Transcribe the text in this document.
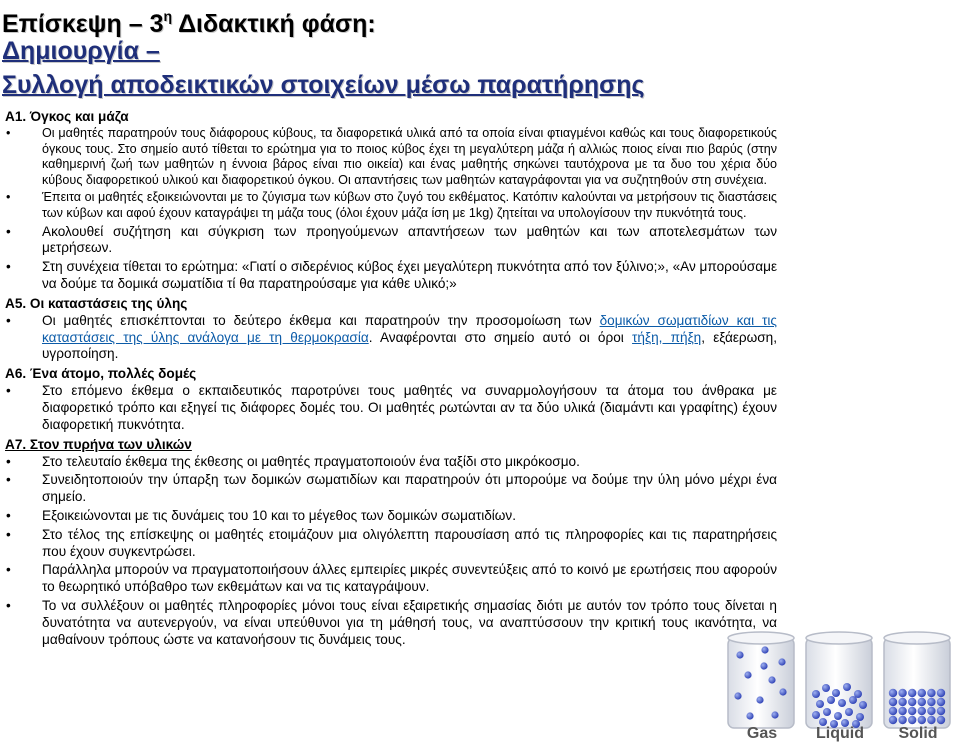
Επίσκεψη – $3^\eta$ Διδακτική φάση:
Δημιουργία –
Συλλογή αποδεικτικών στοιχείων μέσω παρατήρησης

A1. Όγκος και μάζα

•	Οι μαθητές παρατηρούν τους διάφορους κύβους, τα διαφορετικά υλικά από τα οποία είναι φτιαγμένοι καθώς και τους διαφορετικούς όγκους τους. Στο σημείο αυτό τίθεται το ερώτημα για το ποιος κύβος έχει τη μεγαλύτερη μάζα ή αλλιώς ποιος είναι πιο βαρύς (στην καθημερινή ζωή των μαθητών η έννοια βάρος είναι πιο οικεία) και ένας μαθητής σηκώνει ταυτόχρονα με τα δυο του χέρια δύο κύβους διαφορετικού υλικού και διαφορετικού όγκου. Οι απαντήσεις των μαθητών καταγράφονται για να συζητηθούν στη συνέχεια.
•	Έπειτα οι μαθητές εξοικειώνονται με το ζύγισμα των κύβων στο ζυγό του εκθέματος. Κατόπιν καλούνται να μετρήσουν τις διαστάσεις των κύβων και αφού έχουν καταγράψει τη μάζα τους (όλοι έχουν μάζα ίση με 1kg) ζητείται να υπολογίσουν την πυκνότητά τους.
• Ακολουθεί συζήτηση και σύγκριση των προηγούμενων απαντήσεων των μαθητών και των αποτελεσμάτων των μετρήσεων.
• Στη συνέχεια τίθεται το ερώτημα: «Γιατί ο σιδερένιος κύβος έχει μεγαλύτερη πυκνότητα από τον ξύλινο;», «Αν μπορούσαμε να δούμε τα δομικά σωματίδια τί θα παρατηρούσαμε για κάθε υλικό;»

A5. Οι καταστάσεις της ύλης

• Οι μαθητές επισκέπτονται το δεύτερο έκθεμα και παρατηρούν την προσομοίωση των δομικών σωματιδίων και τις καταστάσεις της ύλης ανάλογα με τη θερμοκρασία. Αναφέρονται στο σημείο αυτό οι όροι τήξη, πήξη, εξάερωση, υγροποίηση.

A6. Ένα άτομο, πολλές δομές

• Στο επόμενο έκθεμα ο εκπαιδευτικός παροτρύνει τους μαθητές να συναρμολογήσουν τα άτομα του άνθρακα με διαφορετικό τρόπο και εξηγεί τις διάφορες δομές του. Οι μαθητές ρωτώνται αν τα δύο υλικά (διαμάντι και γραφίτης) έχουν διαφορετική πυκνότητα.

A7. Στον πυρήνα των υλικών

• Στο τελευταίο έκθεμα της έκθεσης οι μαθητές πραγματοποιούν ένα ταξίδι στο μικρόκοσμο.
• Συνειδητοποιούν την ύπαρξη των δομικών σωματιδίων και παρατηρούν ότι μπορούμε να δούμε την ύλη μόνο μέχρι ένα σημείο.
• Εξοικειώνονται με τις δυνάμεις του 10 και το μέγεθος των δομικών σωματιδίων.
• Στο τέλος της επίσκεψης οι μαθητές ετοιμάζουν μια ολιγόλεπτη παρουσίαση από τις πληροφορίες και τις παρατηρήσεις που έχουν συγκεντρώσει.
• Παράλληλα μπορούν να πραγματοποιήσουν άλλες εμπειρίες μικρές συνεντεύξεις από το κοινό με ερωτήσεις που αφορούν το θεωρητικό υπόβαθρο των εκθεμάτων και να τις καταγράψουν.
• Το να συλλέξουν οι μαθητές πληροφορίες μόνοι τους είναι εξαιρετικής σημασίας διότι με αυτόν τον τρόπο τους δίνεται η δυνατότητα να αυτενεργούν, να είναι υπεύθυνοι για τη μάθησή τους, να αναπτύσσουν την κριτική τους ικανότητα, να μαθαίνουν τρόπους ώστε να κατανοήσουν τις δυνάμεις τους.
Gas Liquid Solid
